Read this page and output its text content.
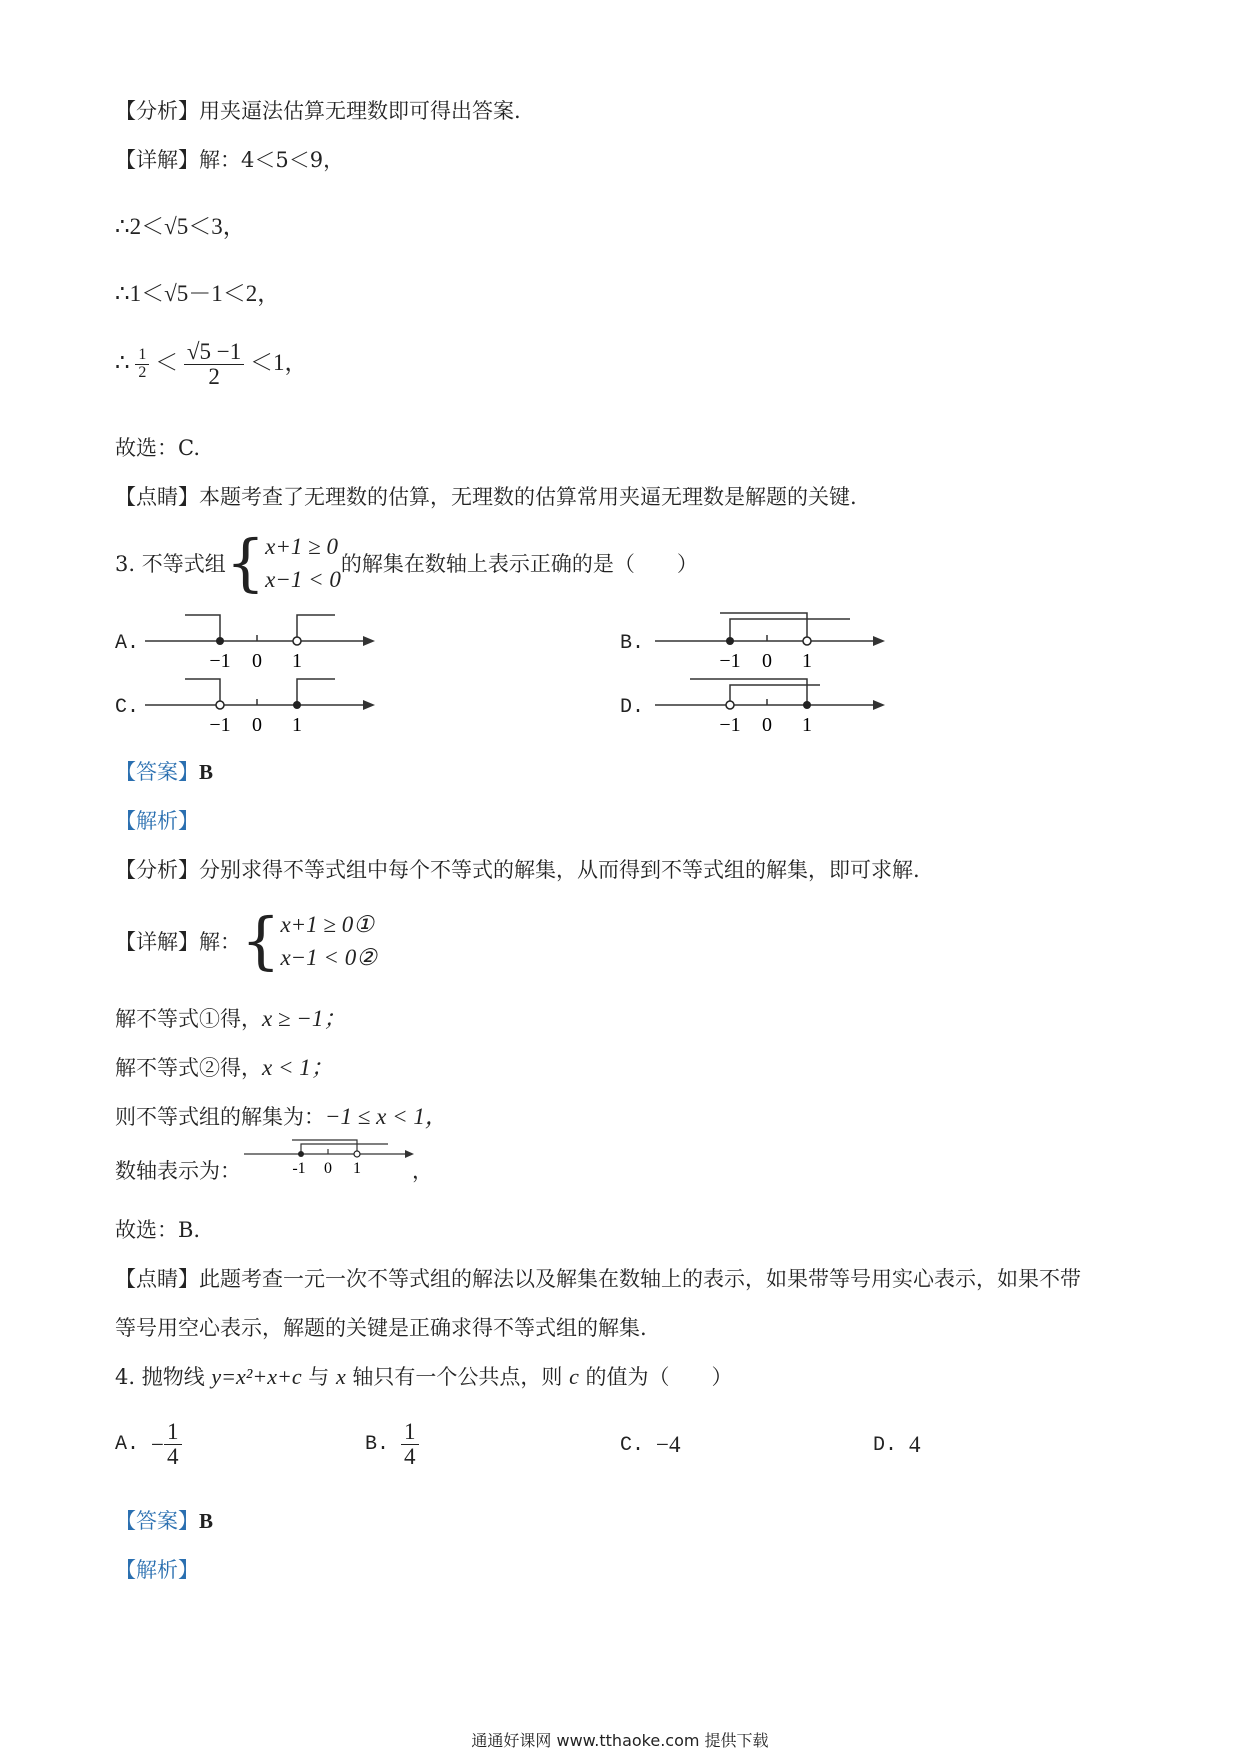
【分析】用夹逼法估算无理数即可得出答案.
【详解】解：4＜5＜9，
∴2＜√5＜3，
∴1＜√5－1＜2，
∴ $\frac{1}{2} < \frac{√5 -1}{2} <1$，
故选：C.
【点睛】本题考查了无理数的估算，无理数的估算常用夹逼无理数是解题的关键.
3. 不等式组 { x+1 ≥ 0
x−1 < 0
的解集在数轴上表示正确的是（　　）
A.
−1 0 1
B.
−1 0 1
C.
−1 0 1
D.
−1 0 1
【答案】B
【解析】
【分析】分别求得不等式组中每个不等式的解集，从而得到不等式组的解集，即可求解.
【详解】 解： { x+1 ≥ 0①
x−1 < 0②
解不等式①得，x ≥ −1；
解不等式②得，x < 1；
则不等式组的解集为：−1 ≤ x < 1，
数轴表示为：	-1 0 1 ，
故选：B.
【点睛】此题考查一元一次不等式组的解法以及解集在数轴上的表示，如果带等号用实心表示，如果不带
等号用空心表示，解题的关键是正确求得不等式组的解集.
4. 抛物线 y=x²+x+c 与 x 轴只有一个公共点，则 c 的值为（　　）
A. − $\frac{1}{4}$	B. $\frac{1}{4}$	C. −4	D. 4
【答案】B
【解析】
通通好课网 www.tthaoke.com 提供下载
